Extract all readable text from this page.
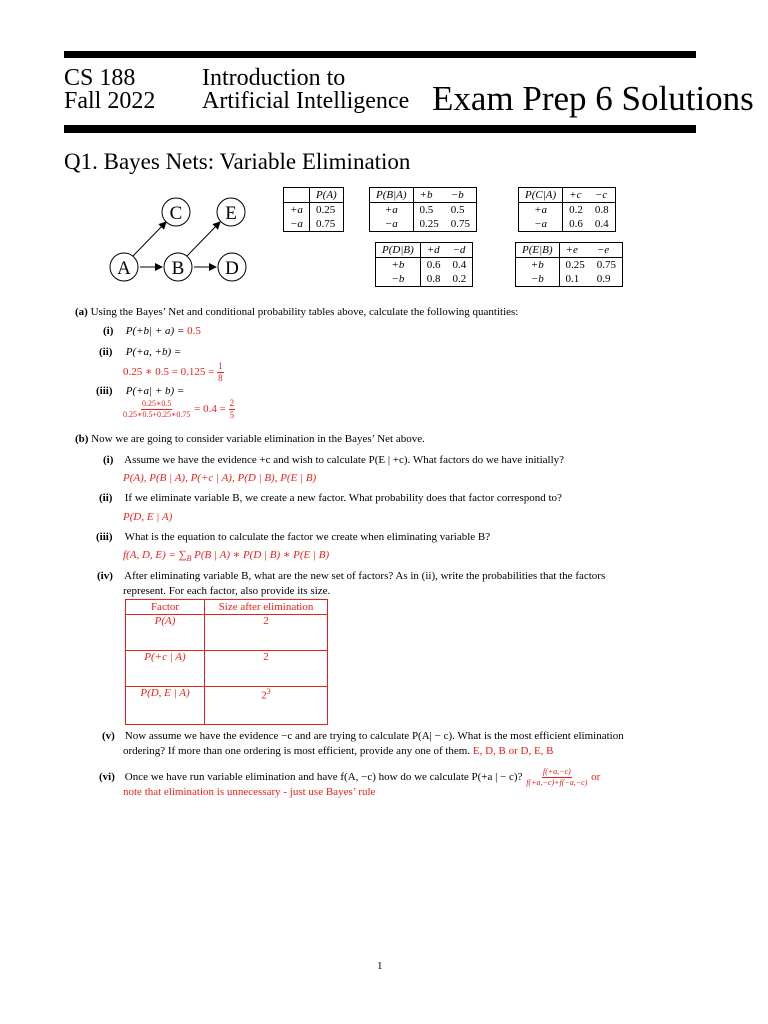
CS 188
Fall 2022
Introduction to
Artificial Intelligence Exam Prep 6 Solutions
Q1. Bayes Nets: Variable Elimination
C E
A B D
	P(A)
+a	0.25
−a	0.75
P(B|A)	+b	−b
+a	0.5	0.5
−a	0.25	0.75
P(C|A)	+c	−c
+a	0.2	0.8
−a	0.6	0.4
P(D|B)	+d	−d
+b	0.6	0.4
−b	0.8	0.2
P(E|B)	+e	−e
+b	0.25	0.75
−b	0.1	0.9
(a) Using the Bayes’ Net and conditional probability tables above, calculate the following quantities:
(i) P(+b| + a) = 0.5
(ii) P(+a, +b) =
0.25 ∗ $0.5 = 0.125 = \frac{1}{8}$
(iii) P(+a| + b) =
$\frac{0.25∗0.5}{0.25∗0.5+0.25∗0.75} = 0.4 = \frac{2}{5}$
(b) Now we are going to consider variable elimination in the Bayes’ Net above.
(i) Assume we have the evidence +c and wish to calculate P(E | +c). What factors do we have initially?
P(A), P(B | A), P(+c | A), P(D | B), P(E | B)
(ii) If we eliminate variable B, we create a new factor. What probability does that factor correspond to?
P(D, E | A)
(iii) What is the equation to calculate the factor we create when eliminating variable B?
f(A, D, $E) = \sum_B$ P(B | A) ∗ P(D | B) ∗ P(E | B)
(iv) After eliminating variable B, what are the new set of factors? As in (ii), write the probabilities that the factors
represent. For each factor, also provide its size.
Factor	Size after elimination
P(A)	2
P(+c | A)	2
P(D, E | A)	$2^3$
(v) Now assume we have the evidence −c and are trying to calculate P(A| − c). What is the most efficient elimination
ordering? If more than one ordering is most efficient, provide any one of them. E, D, B or D, E, B
(vi) Once we have run variable elimination and have f(A, −c) how do we calculate P(+a | − c)? $\frac{f(+a,-c)}{f(+a,-c)+f(-a,-c)}$ or
note that elimination is unnecessary - just use Bayes’ rule
1
